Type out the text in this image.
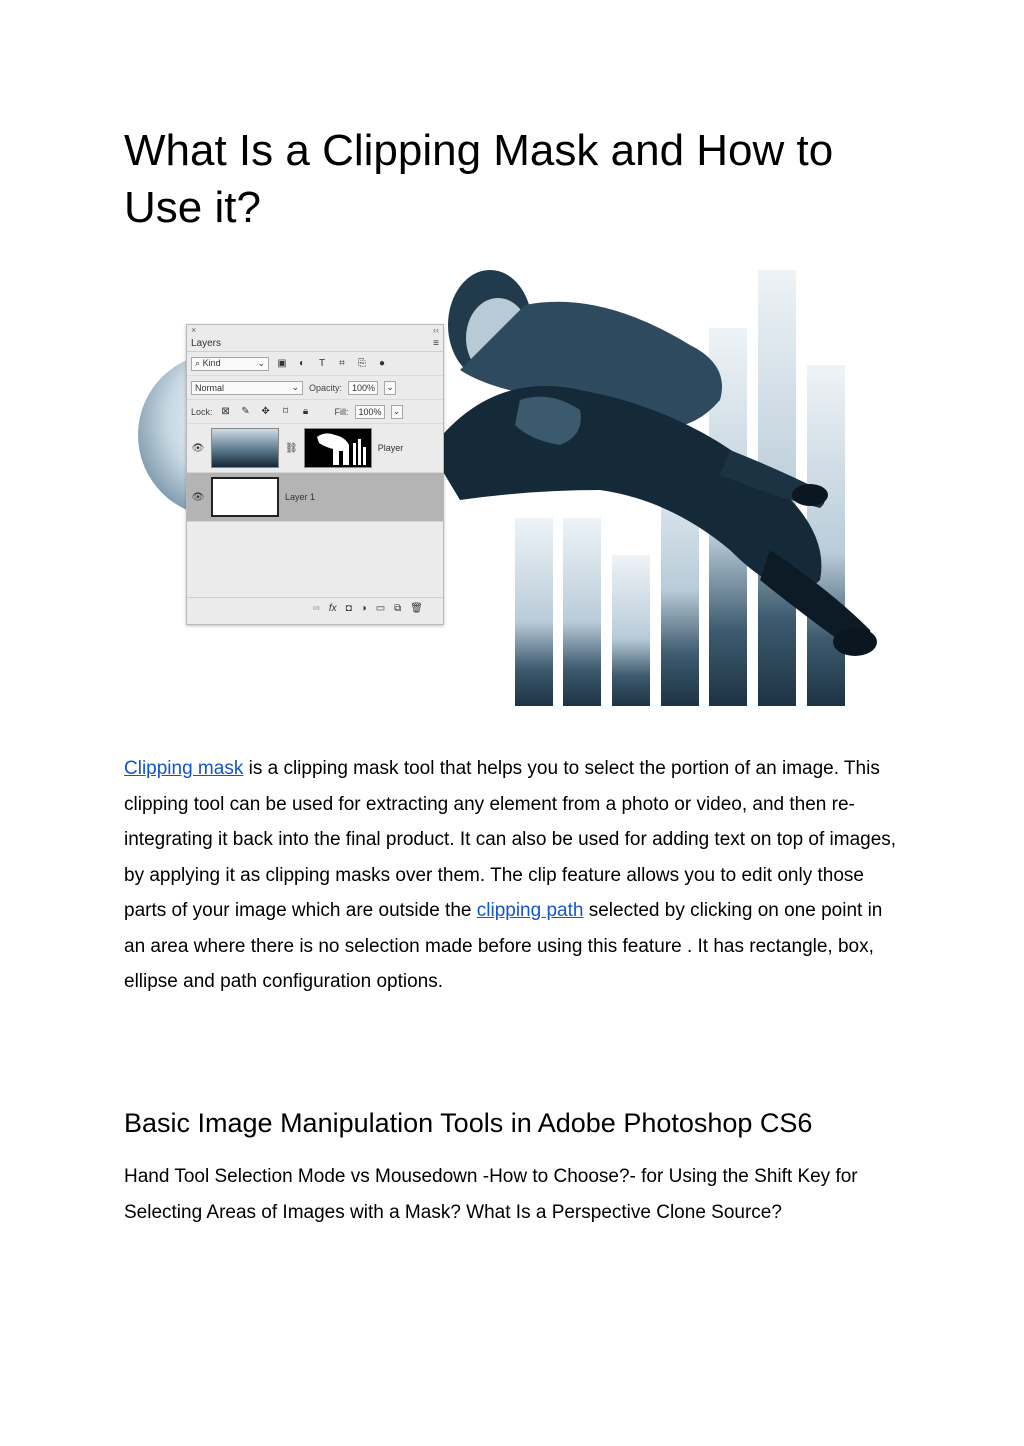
What Is a Clipping Mask and How to Use it?
×	‹‹
Layers	≡
⌕ Kind	⌄ ▣	◐	T	⌗	⎘	●
Normal	⌄ Opacity: 100% ⌄
Lock: ⊠ ✎ ✥	⌑	🔒︎	Fill: 100% ⌄
👁︎	⛓︎	Player
👁︎	Layer 1
∞ fx ◘ ◑ ▭ ⧉ 🗑︎

Clipping mask is a clipping mask tool that helps you to select the portion of an image. This clipping tool can be used for extracting any element from a photo or video, and then re-integrating it back into the final product. It can also be used for adding text on top of images, by applying it as clipping masks over them. The clip feature allows you to edit only those parts of your image which are outside the clipping path selected by clicking on one point in an area where there is no selection made before using this feature . It has rectangle, box, ellipse and path configuration options.

Basic Image Manipulation Tools in Adobe Photoshop CS6

Hand Tool Selection Mode vs Mousedown -How to Choose?- for Using the Shift Key for Selecting Areas of Images with a Mask? What Is a Perspective Clone Source?
